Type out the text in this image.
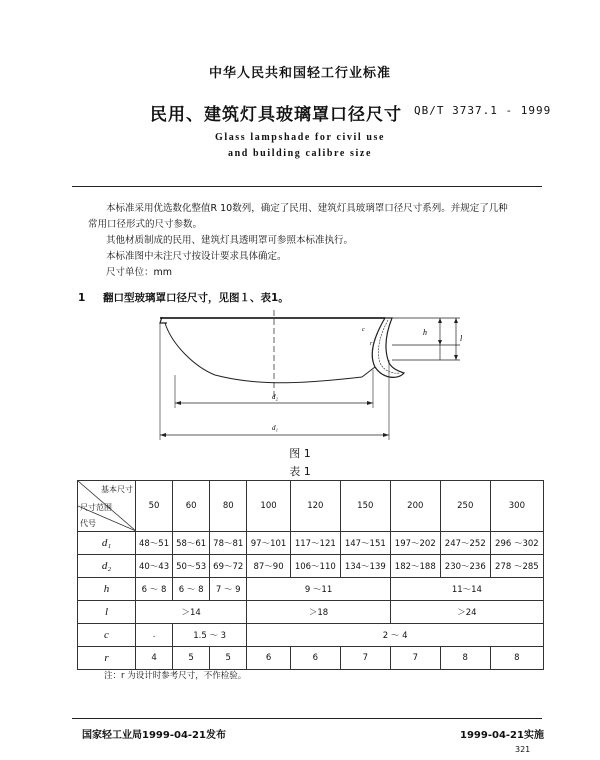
中华人民共和国轻工行业标准
民用、建筑灯具玻璃罩口径尺寸 QB/T 3737.1 - 1999
Glass lampshade for civil use
and building calibre size
本标准采用优选数化整值R 10数列，确定了民用、建筑灯具玻璃罩口径尺寸系列。并规定了几种
常用口径形式的尺寸参数。
其他材质制成的民用、建筑灯具透明罩可参照本标准执行。
本标准图中未注尺寸按设计要求具体确定。
尺寸单位：mm
1 翻口型玻璃罩口径尺寸，见图１、表1。
h
l
c
r
d₂
d₁
图 1
表 1
基本尺寸
尺寸范围
代号	50	60	80	100	120	150	200	250	300
d₁	48～51	58～61	78～81	97～101	117～121	147～151	197～202	247～252	296 ～302
d₂	40～43	50～53	69～72	87～90	106～110	134～139	182～188	230～236	278 ～285
h	6 ～ 8	6 ～ 8	7 ～ 9	9 ～11			11～14		
l	＞14			＞18			＞24		
c	.	1.5 ～ 3		2 ～ 4					
r	4	5	5	6	6	7	7	8	8
注：r 为设计时参考尺寸，不作检验。
国家轻工业局1999-04-21发布	1999-04-21实施
321
